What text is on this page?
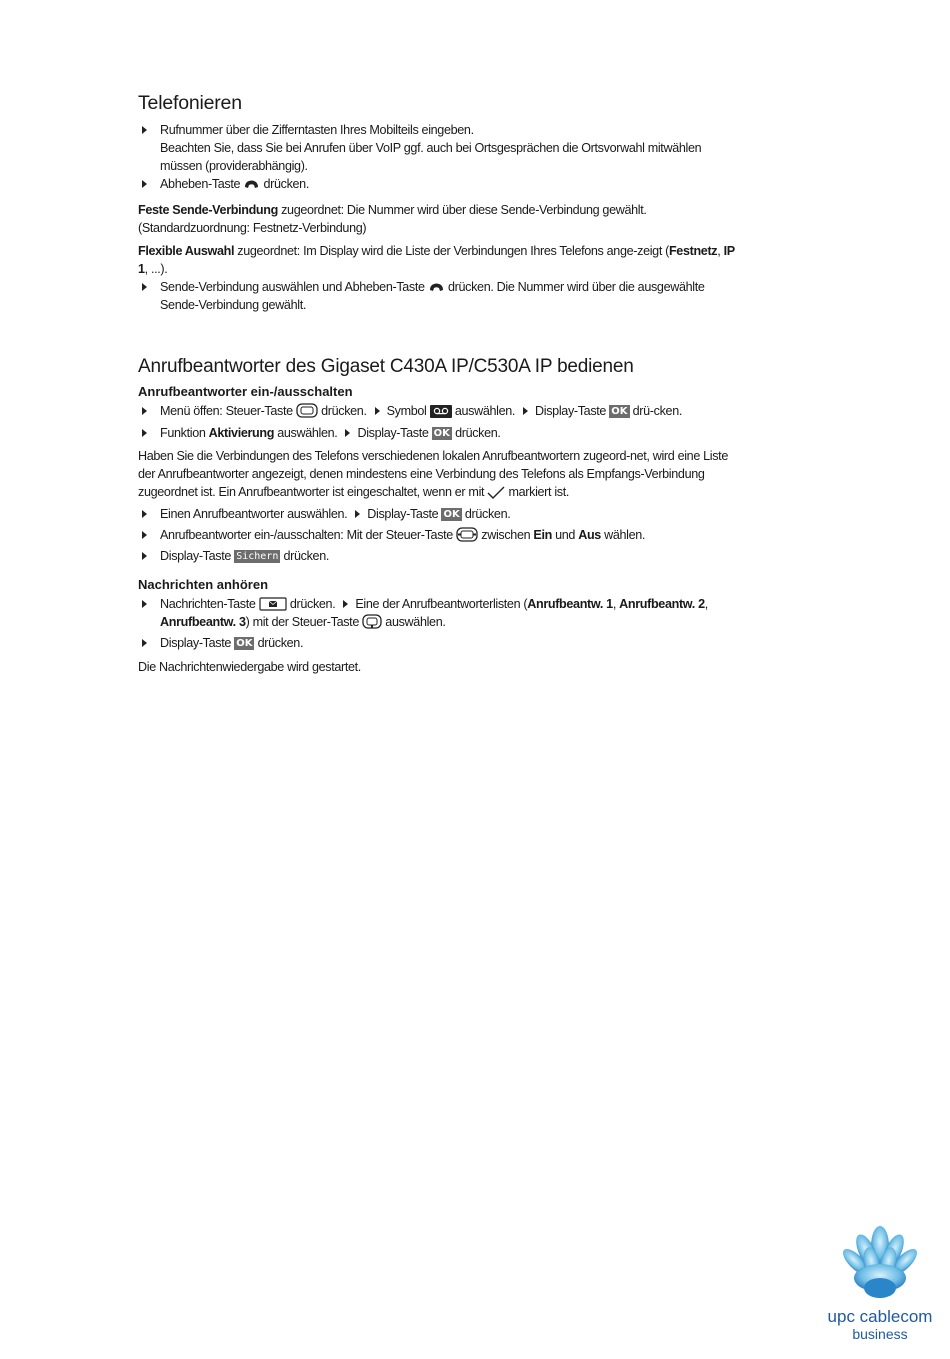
Telefonieren

Rufnummer über die Zifferntasten Ihres Mobilteils eingeben.
Beachten Sie, dass Sie bei Anrufen über VoIP ggf. auch bei Ortsgesprächen die Ortsvorwahl mitwählen müssen (providerabhängig).

Abheben-Taste drücken.

Feste Sende-Verbindung zugeordnet: Die Nummer wird über diese Sende-Verbindung gewählt. (Standardzuordnung: Festnetz-Verbindung)

Flexible Auswahl zugeordnet: Im Display wird die Liste der Verbindungen Ihres Telefons ange-zeigt (Festnetz, IP 1, ...).

Sende-Verbindung auswählen und Abheben-Taste drücken. Die Nummer wird über die ausgewählte Sende-Verbindung gewählt.

Anrufbeantworter des Gigaset C430A IP/C530A IP bedienen
Anrufbeantworter ein-/ausschalten

Menü öffen: Steuer-Taste drücken. Symbol auswählen. Display-Taste OK drü-cken.

Funktion Aktivierung auswählen. Display-Taste OK drücken.

Haben Sie die Verbindungen des Telefons verschiedenen lokalen Anrufbeantwortern zugeord-net, wird eine Liste der Anrufbeantworter angezeigt, denen mindestens eine Verbindung des Telefons als Empfangs-Verbindung zugeordnet ist. Ein Anrufbeantworter ist eingeschaltet, wenn er mit markiert ist.

Einen Anrufbeantworter auswählen. Display-Taste OK drücken.

Anrufbeantworter ein-/ausschalten: Mit der Steuer-Taste  zwischen Ein und Aus wählen.

Display-Taste Sichern drücken.

Nachrichten anhören

Nachrichten-Taste	drücken. Eine der Anrufbeantworterlisten (Anrufbeantw. 1, Anrufbeantw. 2, Anrufbeantw. 3) mit der Steuer-Taste auswählen.

Display-Taste OK drücken.

Die Nachrichtenwiedergabe wird gestartet.

upc cablecom
business
